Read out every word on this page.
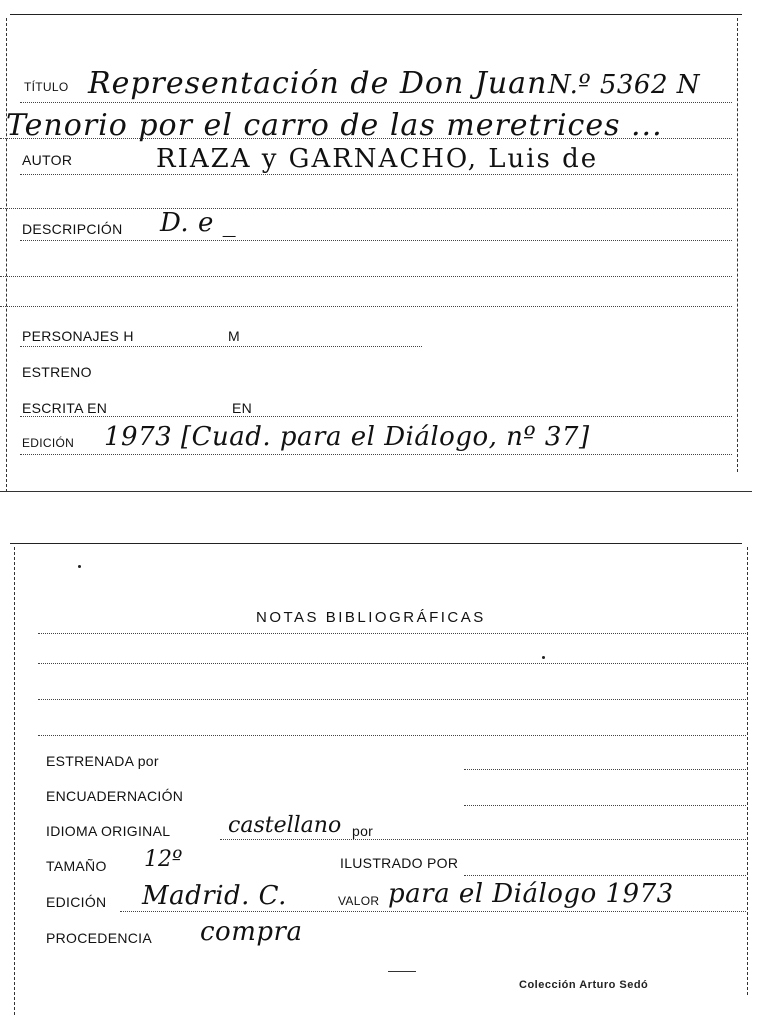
TÍTULO Representación de Don Juan N.º 5362 N
Tenorio por el carro de las meretrices ...
AUTOR	RIAZA y GARNACHO, Luis de
DESCRIPCIÓN D. e _
PERSONAJES H	M
ESTRENO
ESCRITA EN	EN
EDICIÓN 1973 [Cuad. para el Diálogo, nº 37]
NOTAS BIBLIOGRÁFICAS
ESTRENADA por
ENCUADERNACIÓN
IDIOMA ORIGINAL	castellano por
TAMAÑO 12º	ILUSTRADO POR
EDICIÓN Madrid. C.	VALOR para el Diálogo 1973
PROCEDENCIA compra
Colección Arturo Sedó
